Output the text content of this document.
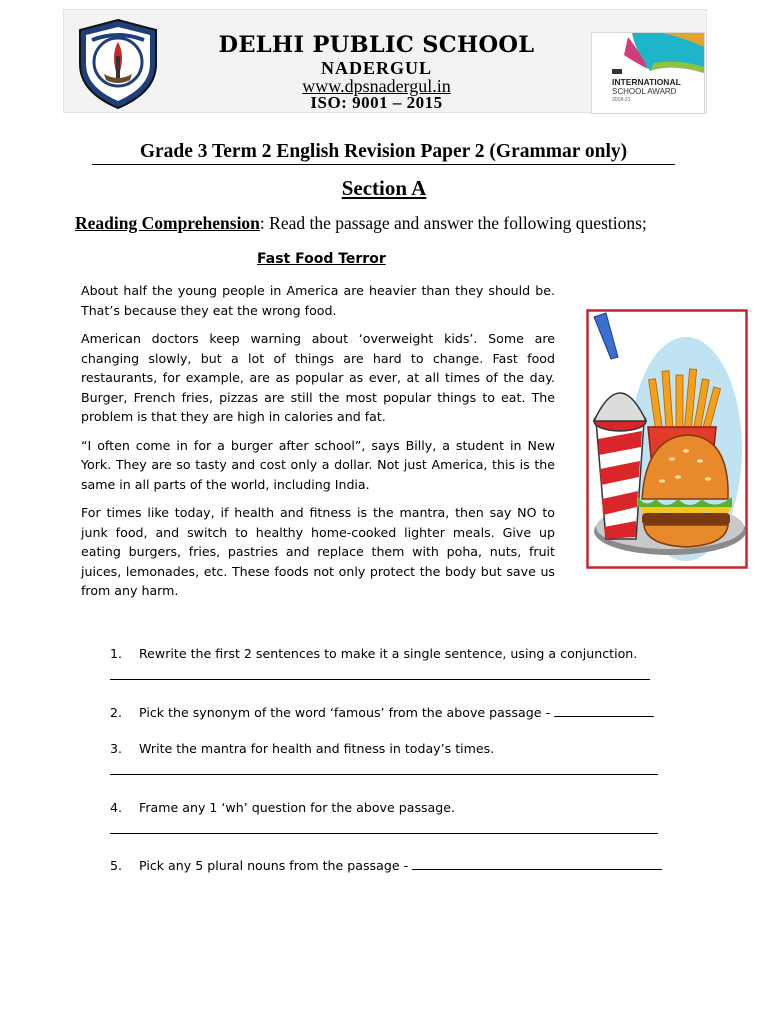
DELHI PUBLIC SCHOOL
NADERGUL
www.dpsnadergul.in
ISO: 9001 – 2015
INTERNATIONAL
SCHOOL AWARD
2018-21
Grade 3 Term 2 English Revision Paper 2 (Grammar only)
Section A
Reading Comprehension: Read the passage and answer the following questions;
Fast Food Terror

About half the young people in America are heavier than they should be. That’s because they eat the wrong food.

American doctors keep warning about ‘overweight kids’. Some are changing slowly, but a lot of things are hard to change. Fast food restaurants, for example, are as popular as ever, at all times of the day. Burger, French fries, pizzas are still the most popular things to eat. The problem is that they are high in calories and fat.

“I often come in for a burger after school”, says Billy, a student in New York. They are so tasty and cost only a dollar. Not just America, this is the same in all parts of the world, including India.

For times like today, if health and fitness is the mantra, then say NO to junk food, and switch to healthy home-cooked lighter meals. Give up eating burgers, fries, pastries and replace them with poha, nuts, fruit juices, lemonades, etc. These foods not only protect the body but save us from any harm.

1. Rewrite the first 2 sentences to make it a single sentence, using a conjunction.
2. Pick the synonym of the word ‘famous’ from the above passage -
3. Write the mantra for health and fitness in today’s times.
4. Frame any 1 ‘wh’ question for the above passage.
5. Pick any 5 plural nouns from the passage -
